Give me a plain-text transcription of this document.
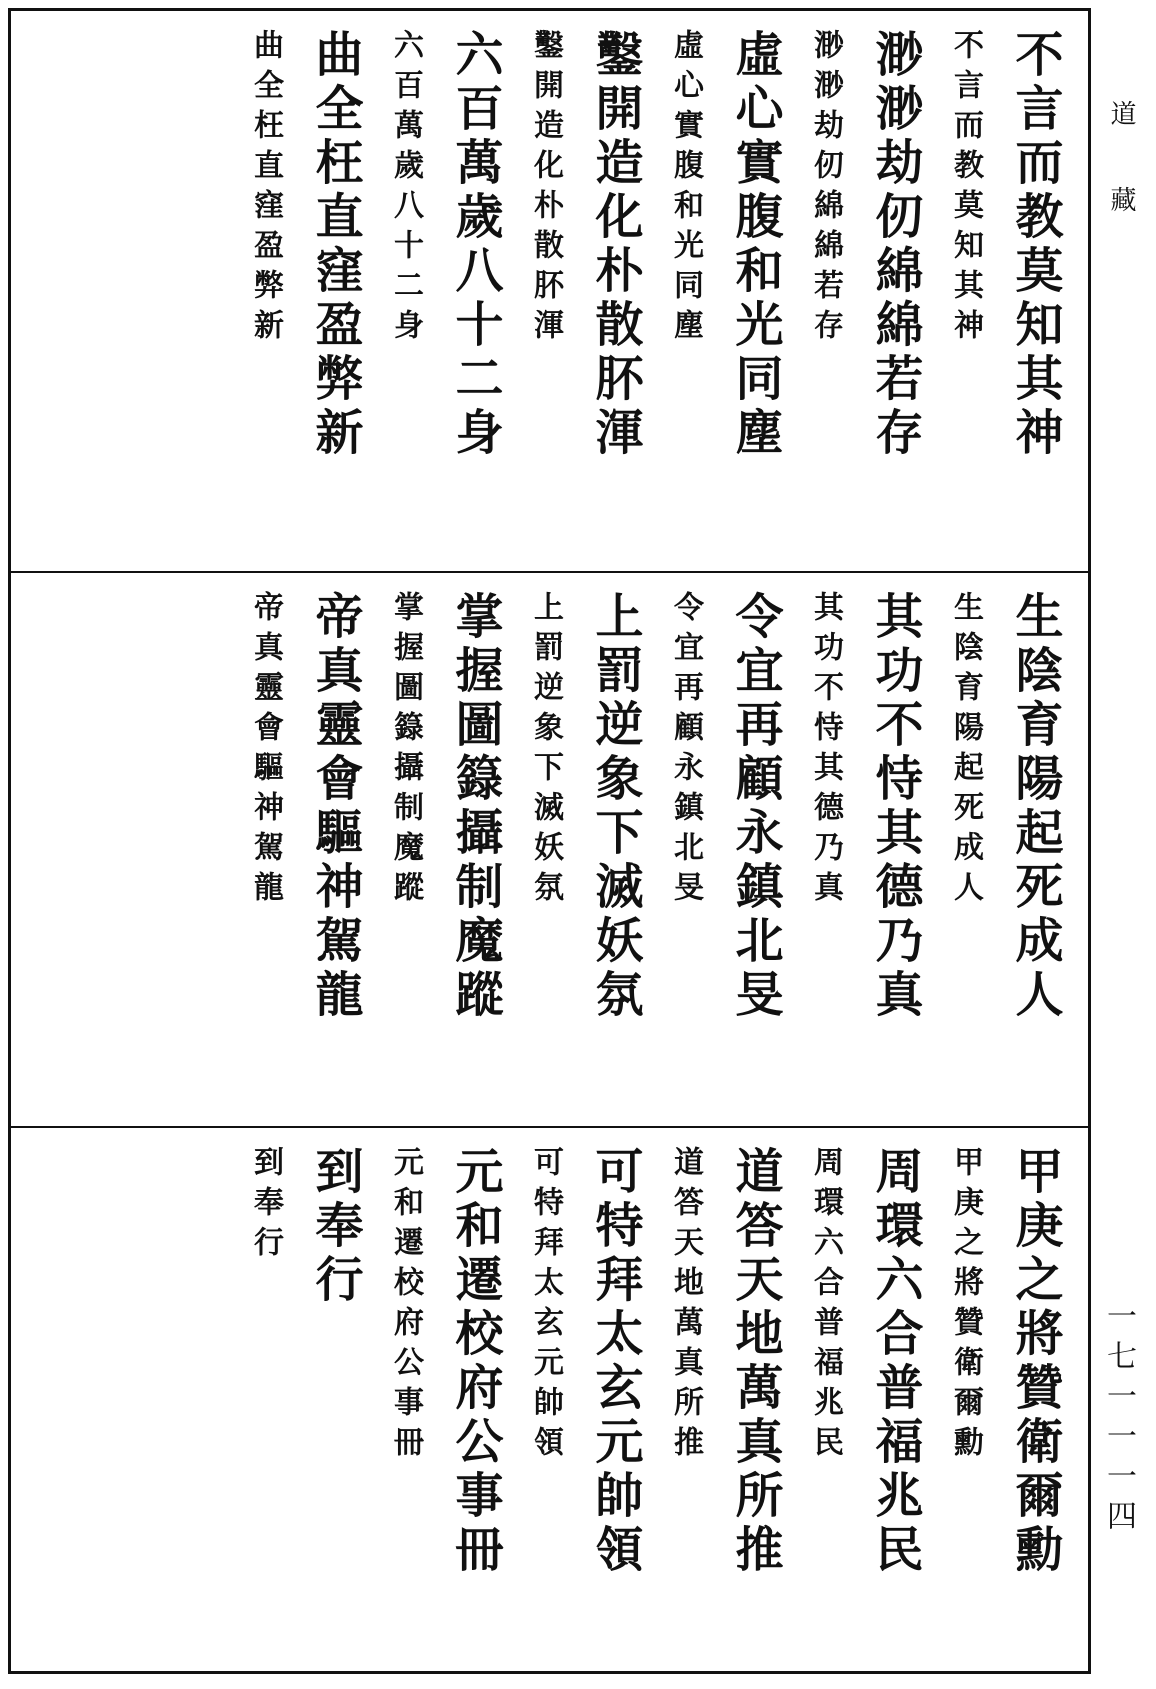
不言而教莫知其神
不言而教莫知其神
渺渺劫仞綿綿若存
渺渺劫仞綿綿若存
虛心實腹和光同塵
虛心實腹和光同塵
鑿開造化朴散肧渾
鑿開造化朴散肧渾
六百萬歲八十二身
六百萬歲八十二身
曲全枉直窪盈弊新
曲全枉直窪盈弊新
生陰育陽起死成人
生陰育陽起死成人
其功不恃其德乃真
其功不恃其德乃真
令宜再顧永鎮北旻
令宜再顧永鎮北旻
上罰逆象下滅妖氛
上罰逆象下滅妖氛
掌握圖籙攝制魔蹤
掌握圖籙攝制魔蹤
帝真靈會驅神駕龍
帝真靈會驅神駕龍
甲庚之將贊衛爾勳
甲庚之將贊衛爾勳
周環六合普福兆民
周環六合普福兆民
道答天地萬真所推
道答天地萬真所推
可特拜太玄元帥領
可特拜太玄元帥領
元和遷校府公事冊
元和遷校府公事冊
到奉行
到奉行
道藏
一七一一一四
